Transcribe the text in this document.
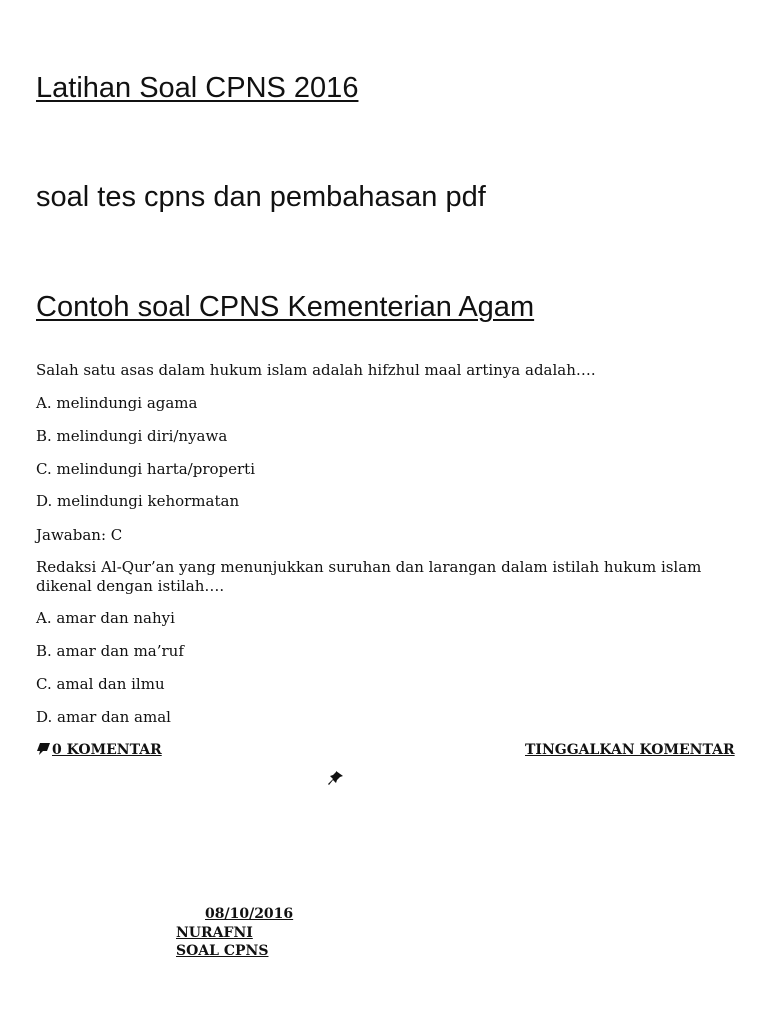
Latihan Soal CPNS 2016
soal tes cpns dan pembahasan pdf
Contoh soal CPNS Kementerian Agam
Salah satu asas dalam hukum islam adalah hifzhul maal artinya adalah….
A. melindungi agama
B. melindungi diri/nyawa
C. melindungi harta/properti
D. melindungi kehormatan
Jawaban: C
Redaksi Al-Qur’an yang menunjukkan suruhan dan larangan dalam istilah hukum islam dikenal dengan istilah….
A. amar dan nahyi
B. amar dan ma’ruf
C. amal dan ilmu
D. amar dan amal
0 KOMENTAR	TINGGALKAN KOMENTAR
08/10/2016
NURAFNI
SOAL CPNS
